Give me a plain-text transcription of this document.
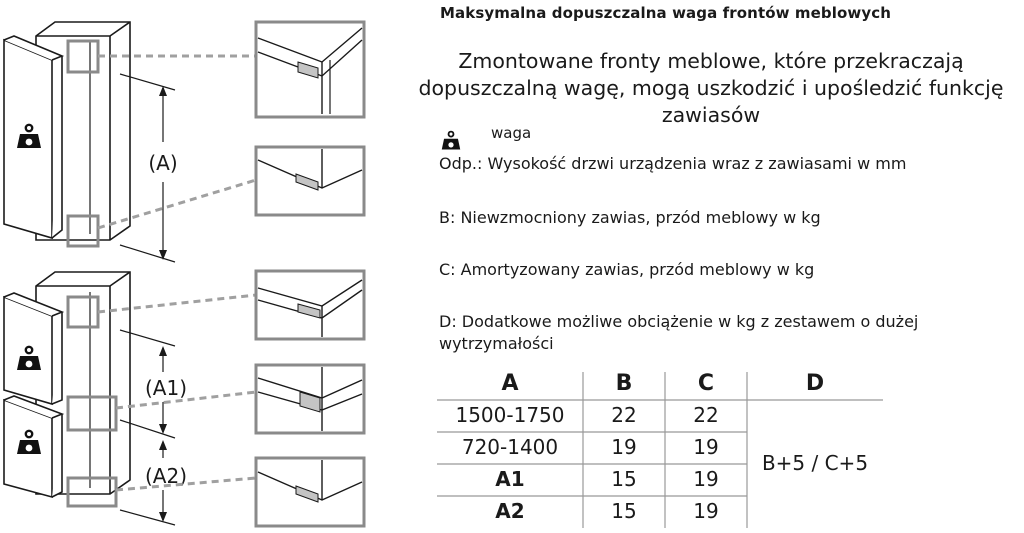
(A)
(A1)
(A2)
Maksymalna dopuszczalna waga frontów meblowych
Zmontowane fronty meblowe, które przekraczają dopuszczalną wagę, mogą uszkodzić i upośledzić funkcję zawiasów
waga
Odp.: Wysokość drzwi urządzenia wraz z zawiasami w mm
B: Niewzmocniony zawias, przód meblowy w kg
C: Amortyzowany zawias, przód meblowy w kg
D: Dodatkowe możliwe obciążenie w kg z zestawem o dużej wytrzymałości
A	B	C	D
1500-1750	22	22
720-1400	19	19
A1	15	19
A2	15	19
B+5 / C+5
